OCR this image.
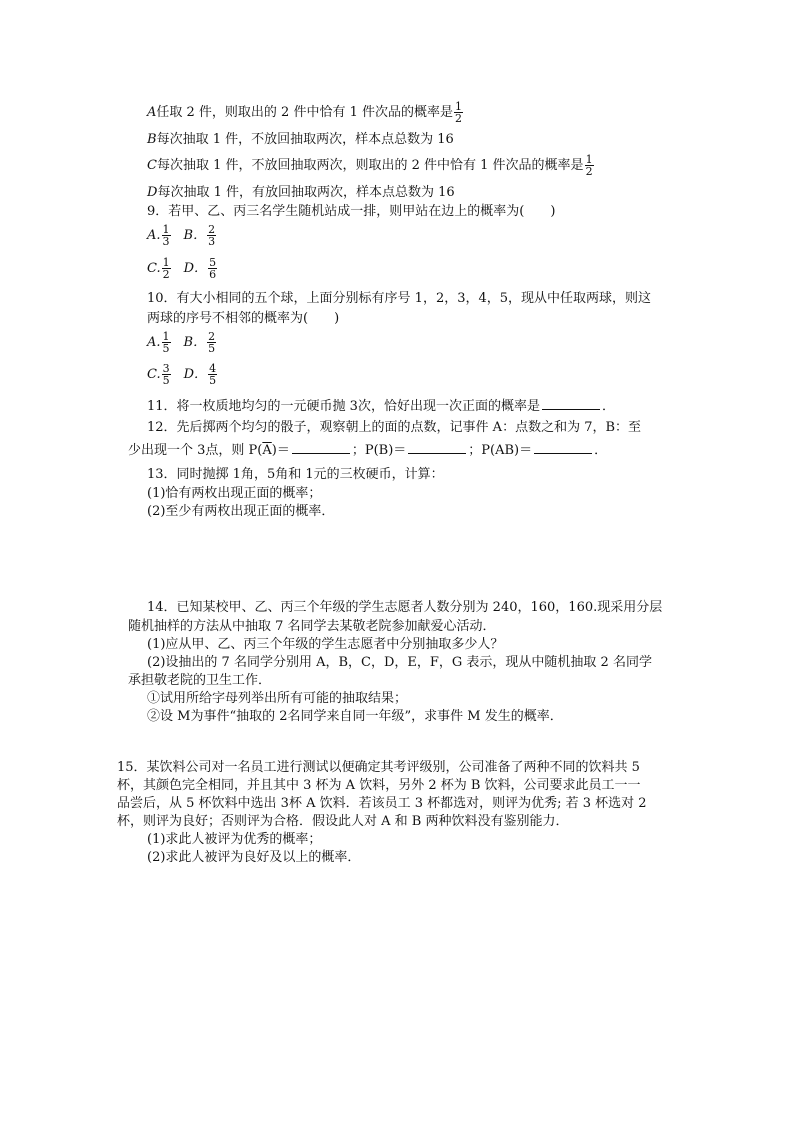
A任取 2 件，则取出的 2 件中恰有 1 件次品的概率是 $\frac{1}{2}$
B每次抽取 1 件，不放回抽取两次，样本点总数为 16
C每次抽取 1 件，不放回抽取两次，则取出的 2 件中恰有 1 件次品的概率是 $\frac{1}{2}$
D每次抽取 1 件，有放回抽取两次，样本点总数为 16
9．若甲、乙、丙三名学生随机站成一排，则甲站在边上的概率为(　　)
A. $\frac{1}{3}$ B． $\frac{2}{3}$
C. $\frac{1}{2}$ D． $\frac{5}{6}$
10．有大小相同的五个球，上面分别标有序号 1，2，3，4，5，现从中任取两球，则这
两球的序号不相邻的概率为(　　)
A. $\frac{1}{5}$ B． $\frac{2}{5}$
C. $\frac{3}{5}$ D． $\frac{4}{5}$
11．将一枚质地均匀的一元硬币抛 3次，恰好出现一次正面的概率是	．
12．先后掷两个均匀的骰子，观察朝上的面的点数，记事件 A：点数之和为 7，B：至
少出现一个 3点，则 $P(\overline{A})=$	；P(B)＝	；P(AB)＝	．
13．同时抛掷 1角，5角和 1元的三枚硬币，计算：
(1)恰有两枚出现正面的概率；
(2)至少有两枚出现正面的概率．
14．已知某校甲、乙、丙三个年级的学生志愿者人数分别为 240，160，160.现采用分层
随机抽样的方法从中抽取 7 名同学去某敬老院参加献爱心活动．
(1)应从甲、乙、丙三个年级的学生志愿者中分别抽取多少人？
(2)设抽出的 7 名同学分别用 A，B，C，D，E，F，G 表示，现从中随机抽取 2 名同学
承担敬老院的卫生工作．
①试用所给字母列举出所有可能的抽取结果；
②设 M为事件“抽取的 2名同学来自同一年级”，求事件 M 发生的概率．
15．某饮料公司对一名员工进行测试以便确定其考评级别，公司准备了两种不同的饮料共 5
杯，其颜色完全相同，并且其中 3 杯为 A 饮料，另外 2 杯为 B 饮料，公司要求此员工一一
品尝后，从 5 杯饮料中选出 3杯 A 饮料．若该员工 3 杯都选对，则评为优秀; 若 3 杯选对 2
杯，则评为良好；否则评为合格．假设此人对 A 和 B 两种饮料没有鉴别能力．
(1)求此人被评为优秀的概率；
(2)求此人被评为良好及以上的概率．
